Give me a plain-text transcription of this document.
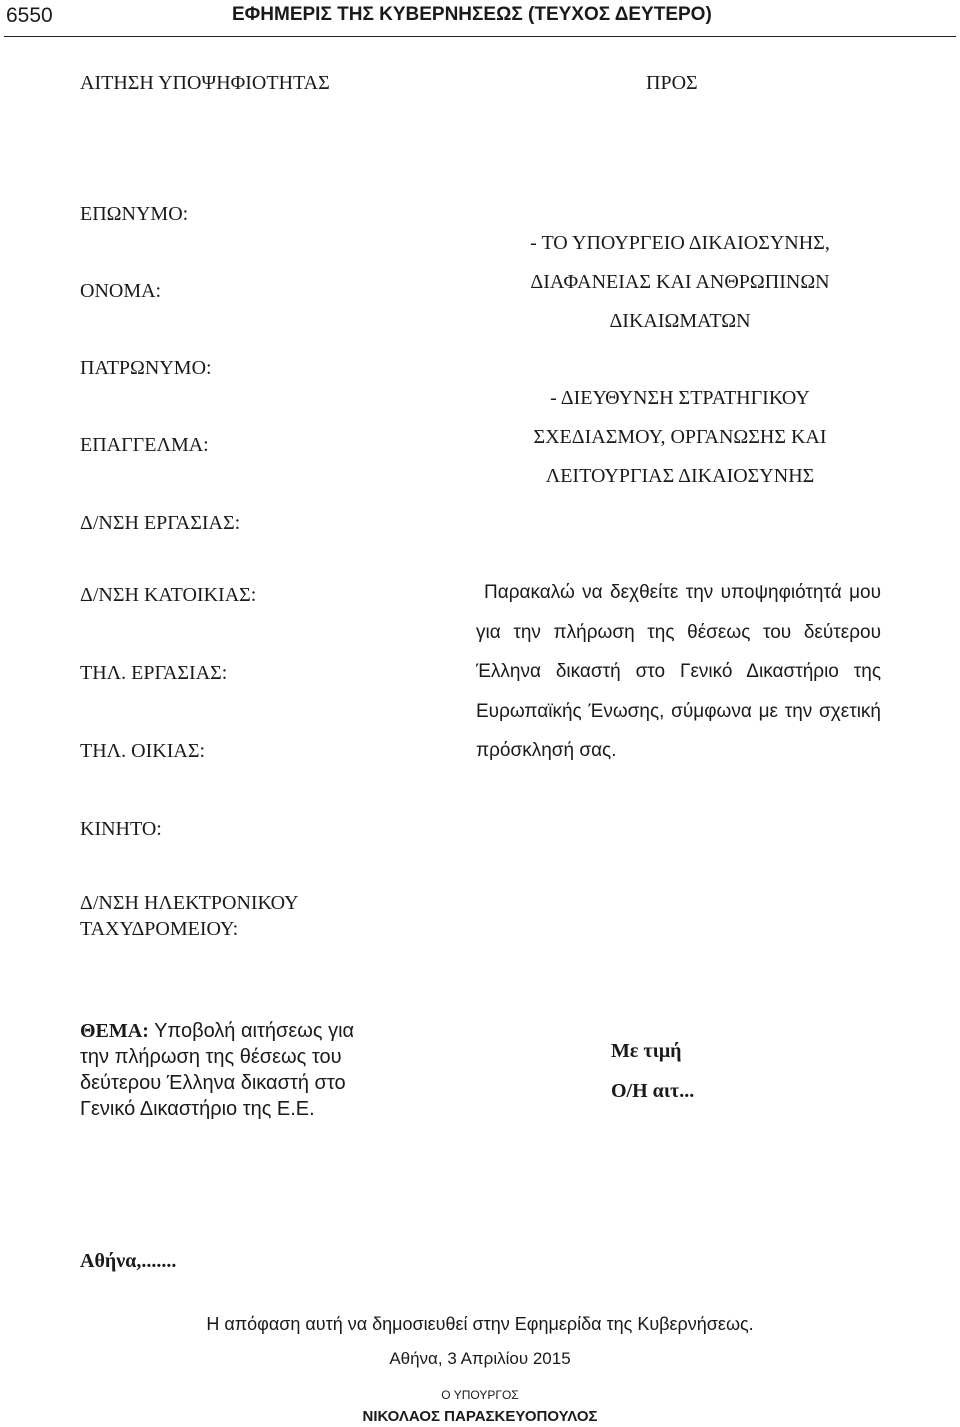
6550	ΕΦΗΜΕΡΙΣ ΤΗΣ ΚΥΒΕΡΝΗΣΕΩΣ (ΤΕΥΧΟΣ ΔΕΥΤΕΡΟ)
ΑΙΤΗΣΗ ΥΠΟΨΗΦΙΟΤΗΤΑΣ	ΠΡΟΣ
ΕΠΩΝΥΜΟ:
ΟΝΟΜΑ:
ΠΑΤΡΩΝΥΜΟ:
ΕΠΑΓΓΕΛΜΑ:
Δ/ΝΣΗ ΕΡΓΑΣΙΑΣ:
Δ/ΝΣΗ ΚΑΤΟΙΚΙΑΣ:
ΤΗΛ. ΕΡΓΑΣΙΑΣ:
ΤΗΛ. ΟΙΚΙΑΣ:
ΚΙΝΗΤΟ:
Δ/ΝΣΗ ΗΛΕΚΤΡΟΝΙΚΟΥ
ΤΑΧΥΔΡΟΜΕΙΟΥ:
- ΤΟ ΥΠΟΥΡΓΕΙΟ ΔΙΚΑΙΟΣΥΝΗΣ,
ΔΙΑΦΑΝΕΙΑΣ ΚΑΙ ΑΝΘΡΩΠΙΝΩΝ
ΔΙΚΑΙΩΜΑΤΩΝ
- ΔΙΕΥΘΥΝΣΗ ΣΤΡΑΤΗΓΙΚΟΥ
ΣΧΕΔΙΑΣΜΟΥ, ΟΡΓΑΝΩΣΗΣ ΚΑΙ
ΛΕΙΤΟΥΡΓΙΑΣ ΔΙΚΑΙΟΣΥΝΗΣ
Παρακαλώ να δεχθείτε την υποψηφιότητά μου για την πλήρωση της θέσεως του δεύτερου Έλληνα δικαστή στο Γενικό Δικαστήριο της Ευρωπαϊκής Ένωσης, σύμφωνα με την σχετική πρόσκλησή σας.
ΘΕΜΑ: Υποβολή αιτήσεως για την πλήρωση της θέσεως του δεύτερου Έλληνα δικαστή στο Γενικό Δικαστήριο της Ε.Ε.
Με τιμή
Ο/Η αιτ...
Αθήνα,.......
Η απόφαση αυτή να δημοσιευθεί στην Εφημερίδα της Κυβερνήσεως.
Αθήνα, 3 Απριλίου 2015
Ο ΥΠΟΥΡΓΟΣ
ΝΙΚΟΛΑΟΣ ΠΑΡΑΣΚΕΥΟΠΟΥΛΟΣ
